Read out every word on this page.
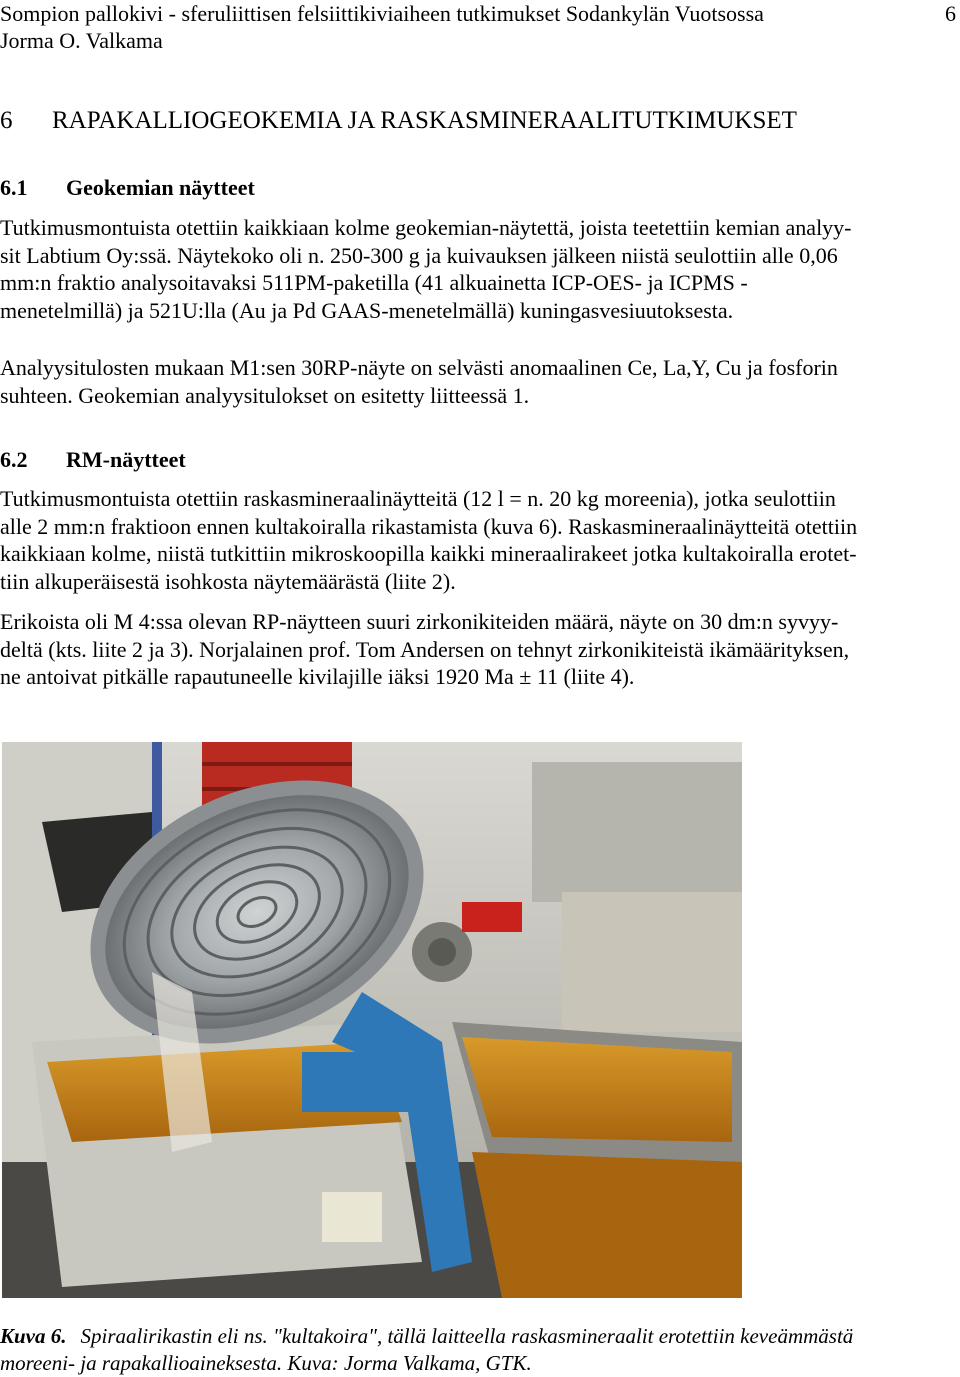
Sompion pallokivi - sferuliittisen felsiittikiviaiheen tutkimukset Sodankylän Vuotsossa
Jorma O. Valkama
6
6 RAPAKALLIOGEOKEMIA JA RASKASMINERAALITUTKIMUKSET
6.1 Geokemian näytteet
Tutkimusmontuista otettiin kaikkiaan kolme geokemian-näytettä, joista teetettiin kemian analyy-
sit Labtium Oy:ssä. Näytekoko oli n. 250-300 g ja kuivauksen jälkeen niistä seulottiin alle 0,06
mm:n fraktio analysoitavaksi 511PM-paketilla (41 alkuainetta ICP-OES- ja ICPMS -
menetelmillä) ja 521U:lla (Au ja Pd GAAS-menetelmällä) kuningasvesiuutoksesta.
Analyysitulosten mukaan M1:sen 30RP-näyte on selvästi anomaalinen Ce, La,Y, Cu ja fosforin
suhteen. Geokemian analyysitulokset on esitetty liitteessä 1.
6.2 RM-näytteet
Tutkimusmontuista otettiin raskasmineraalinäytteitä (12 l = n. 20 kg moreenia), jotka seulottiin
alle 2 mm:n fraktioon ennen kultakoiralla rikastamista (kuva 6). Raskasmineraalinäytteitä otettiin
kaikkiaan kolme, niistä tutkittiin mikroskoopilla kaikki mineraalirakeet jotka kultakoiralla erotet-
tiin alkuperäisestä isohkosta näytemäärästä (liite 2).
Erikoista oli M 4:ssa olevan RP-näytteen suuri zirkonikiteiden määrä, näyte on 30 dm:n syvyy-
deltä (kts. liite 2 ja 3). Norjalainen prof. Tom Andersen on tehnyt zirkonikiteistä ikämäärityksen,
ne antoivat pitkälle rapautuneelle kivilajille iäksi 1920 Ma ± 11 (liite 4).
Kuva 6. Spiraalirikastin eli ns. "kultakoira", tällä laitteella raskasmineraalit erotettiin keveämmästä
moreeni- ja rapakallioaineksesta. Kuva: Jorma Valkama, GTK.
